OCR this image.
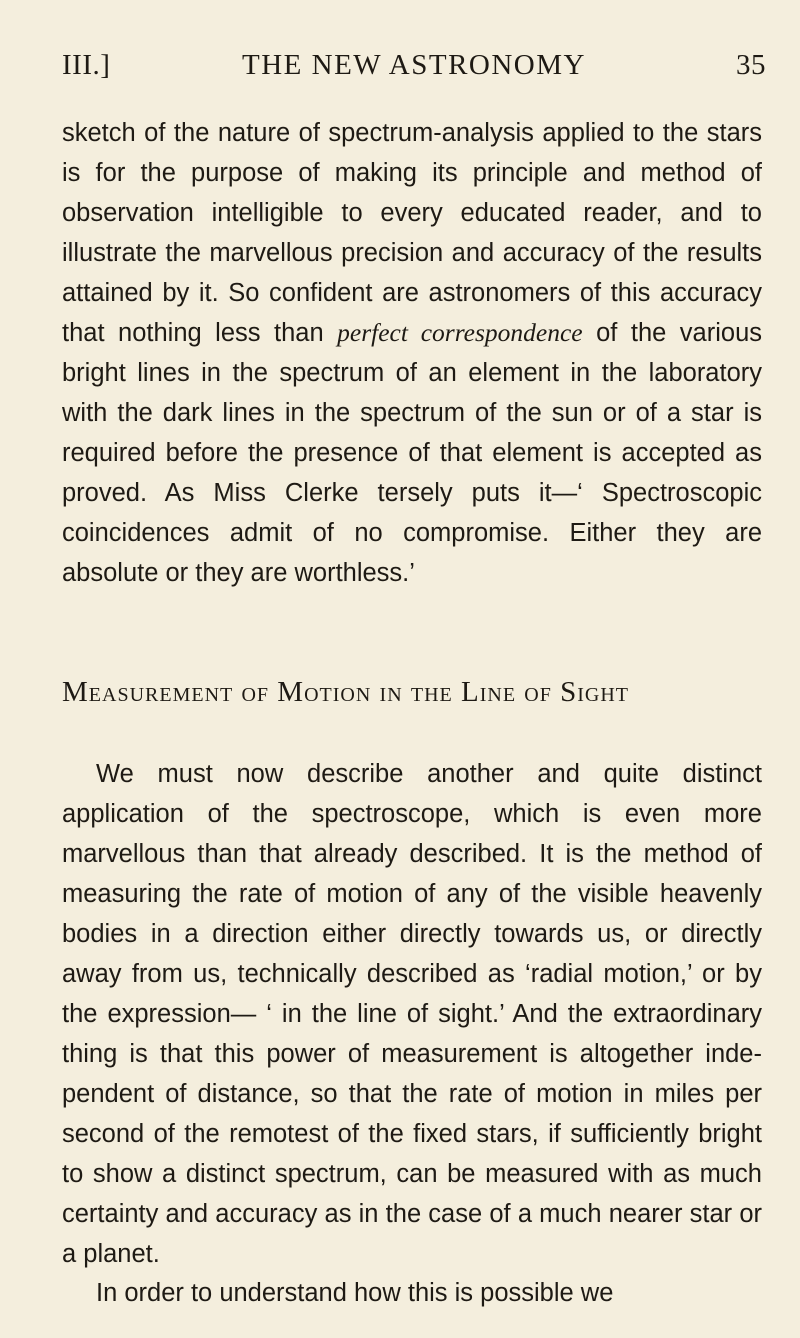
III.]	THE NEW ASTRONOMY	35

sketch of the nature of spectrum-analysis applied to the stars is for the purpose of making its principle and method of observation intelligible to every educated reader, and to illustrate the marvellous precision and accuracy of the results attained by it. So confident are astronomers of this accuracy that nothing less than perfect correspondence of the various bright lines in the spectrum of an element in the laboratory with the dark lines in the spectrum of the sun or of a star is required before the presence of that element is accepted as proved. As Miss Clerke tersely puts it—‘ Spectroscopic coincidences admit of no compromise. Either they are absolute or they are worthless.’

Measurement of Motion in the Line of Sight

We must now describe another and quite distinct application of the spectroscope, which is even more marvellous than that already described. It is the method of measuring the rate of motion of any of the visible heavenly bodies in a direction either directly towards us, or directly away from us, technically described as ‘radial motion,’ or by the expression— ‘ in the line of sight.’ And the extraordinary thing is that this power of measurement is altogether independent of distance, so that the rate of motion in miles per second of the remotest of the fixed stars, if sufficiently bright to show a distinct spectrum, can be measured with as much certainty and accuracy as in the case of a much nearer star or a planet.

In order to understand how this is possible we
